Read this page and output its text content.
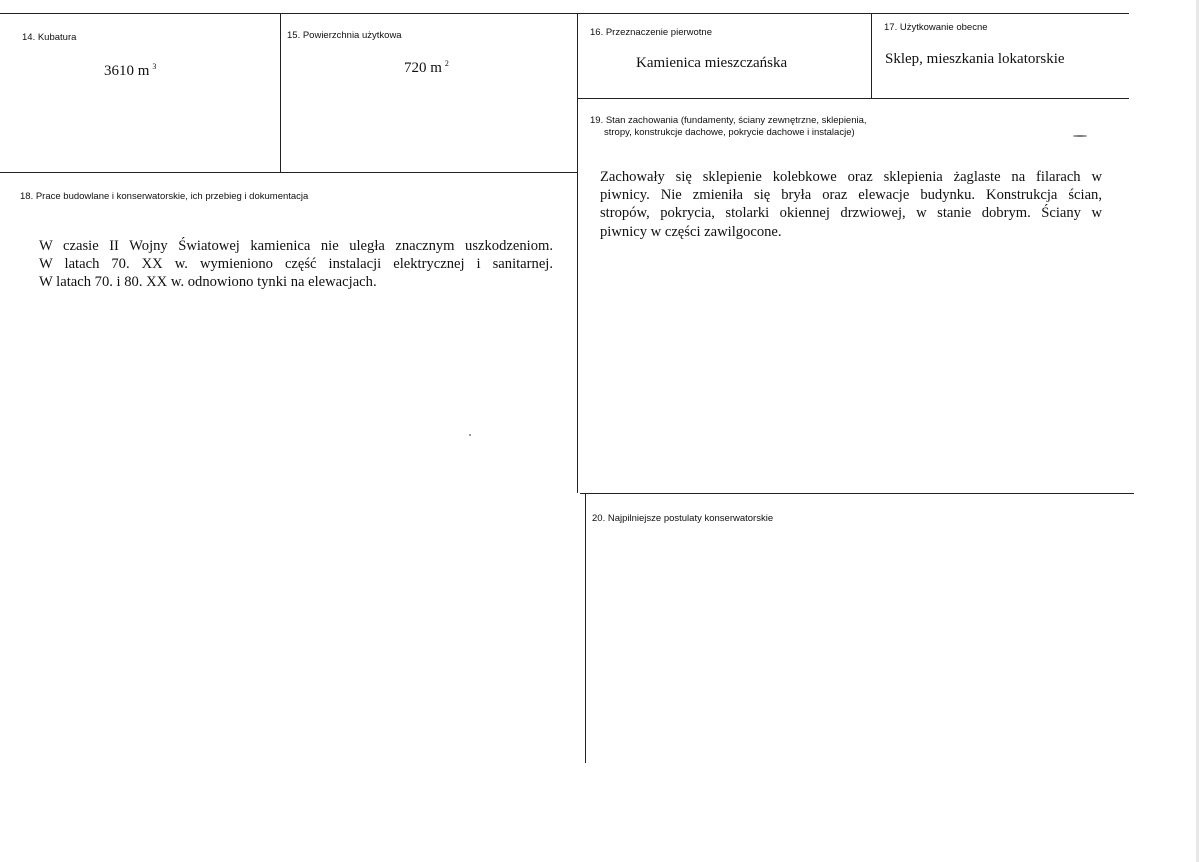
14. Kubatura
3610 m $^3$
15. Powierzchnia użytkowa
720 m $^2$
16. Przeznaczenie pierwotne
Kamienica mieszczańska
17. Użytkowanie obecne
Sklep, mieszkania lokatorskie
18. Prace budowlane i konserwatorskie, ich przebieg i dokumentacja
W czasie II Wojny Światowej kamienica nie uległa znacznym uszkodzeniom.
W latach 70. XX w. wymieniono część instalacji elektrycznej i sanitarnej.
W latach 70. i 80. XX w. odnowiono tynki na elewacjach.
19. Stan zachowania (fundamenty, ściany zewnętrzne, sklepienia,
stropy, konstrukcje dachowe, pokrycie dachowe i instalacje)
Zachowały się sklepienie kolebkowe oraz sklepienia żaglaste na filarach w
piwnicy. Nie zmieniła się bryła oraz elewacje budynku. Konstrukcja ścian,
stropów, pokrycia, stolarki okiennej drzwiowej, w stanie dobrym. Ściany w
piwnicy w części zawilgocone.
20. Najpilniejsze postulaty konserwatorskie
